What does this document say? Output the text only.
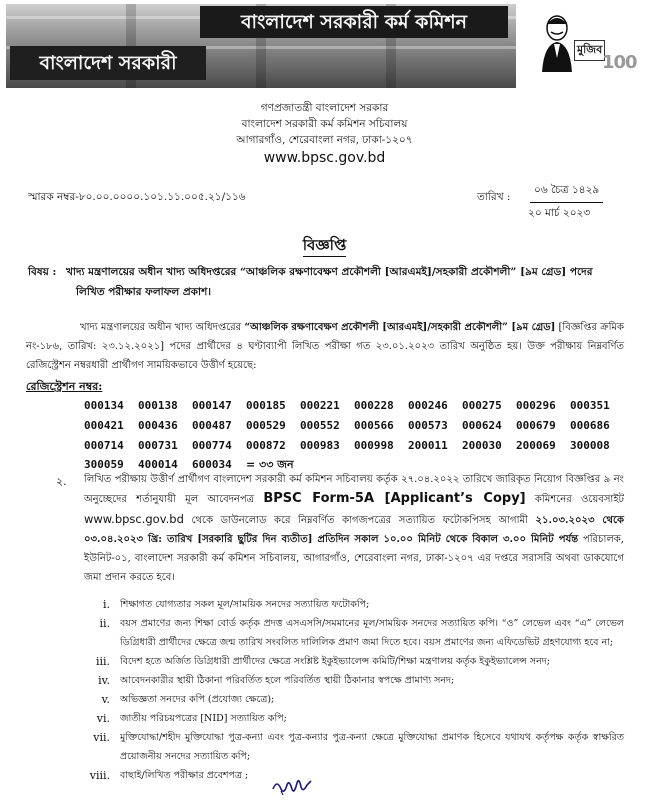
বাংলাদেশ সরকারী কর্ম কমিশন
বাংলাদেশ সরকারী
মুজিব
100
গণপ্রজাতন্ত্রী বাংলাদেশ সরকার
বাংলাদেশ সরকারী কর্ম কমিশন সচিবালয়
আগারগাঁও, শেরেবাংলা নগর, ঢাকা-১২০৭
www.bpsc.gov.bd
স্মারক নম্বর-৮০.০০.০০০০.১০১.১১.০০৫.২১/১১৬	তারিখ :
০৬ চৈত্র ১৪২৯
২০ মার্চ ২০২৩
বিজ্ঞপ্তি
বিষয় : খাদ্য মন্ত্রণালয়ের অধীন খাদ্য অধিদপ্তরের “আঞ্চলিক রক্ষণাবেক্ষণ প্রকৌশলী [আরএমই]/সহকারী প্রকৌশলী” [৯ম গ্রেড] পদের
লিখিত পরীক্ষার ফলাফল প্রকাশ।
খাদ্য মন্ত্রণালয়ের অধীন খাদ্য অধিদপ্তরের “আঞ্চলিক রক্ষণাবেক্ষণ প্রকৌশলী [আরএমই]/সহকারী প্রকৌশলী” [৯ম গ্রেড] [বিজ্ঞপ্তির ক্রমিক নং-১৮৬, তারিখ: ২৩.১২.২০২১] পদের প্রার্থীদের ৪ ঘণ্টাব্যাপী লিখিত পরীক্ষা গত ২৩.০১.২০২৩ তারিখ অনুষ্ঠিত হয়। উক্ত পরীক্ষায় নিম্নবর্ণিত রেজিস্ট্রেশন নম্বরধারী প্রার্থীগণ সাময়িকভাবে উত্তীর্ণ হয়েছে:
রেজিস্ট্রেশন নম্বর:
000134	000138	000147	000185	000221	000228	000246	000275	000296	000351
000421	000436	000487	000529	000552	000566	000573	000624	000679	000686
000714	000731	000774	000872	000983	000998	200011	200030	200069	300008
300059	400014	600034	= ৩৩ জন
২. লিখিত পরীক্ষায় উত্তীর্ণ প্রার্থীগণ বাংলাদেশ সরকারী কর্ম কমিশন সচিবালয় কর্তৃক ২৭.০৪.২০২২ তারিখে জারিকৃত নিয়োগ বিজ্ঞপ্তির ৯ নং অনুচ্ছেদের শর্তানুযায়ী মূল আবেদনপত্র BPSC Form-5A [Applicant’s Copy] কমিশনের ওয়েবসাইট www.bpsc.gov.bd থেকে ডাউনলোড করে নিম্নবর্ণিত কাগজপত্রের সত্যায়িত ফটোকপিসহ আগামী ২১.০৩.২০২৩ থেকে ০৩.০৪.২০২৩ খ্রি: তারিখ [সরকারি ছুটির দিন ব্যতীত] প্রতিদিন সকাল ১০.০০ মিনিট থেকে বিকাল ৩.০০ মিনিট পর্যন্ত পরিচালক, ইউনিট-০১, বাংলাদেশ সরকারী কর্ম কমিশন সচিবালয়, আগারগাঁও, শেরেবাংলা নগর, ঢাকা-১২০৭ এর দপ্তরে সরাসরি অথবা ডাকযোগে জমা প্রদান করতে হবে।
i.	শিক্ষাগত যোগ্যতার সকল মূল/সাময়িক সনদের সত্যায়িত ফটোকপি;
ii.	বয়স প্রমাণের জন্য শিক্ষা বোর্ড কর্তৃক প্রদত্ত এসএসসি/সমমানের মূল/সাময়িক সনদের সত্যায়িত কপি। “ও” লেভেল এবং “এ” লেভেল ডিগ্রিধারী প্রার্থীদের ক্ষেত্রে জন্ম তারিখ সংবলিত দালিলিক প্রমাণ জমা দিতে হবে। বয়স প্রমাণের জন্য এফিডেভিট গ্রহণযোগ্য হবে না;
iii.	বিদেশ হতে অর্জিত ডিগ্রিধারী প্রার্থীদের ক্ষেত্রে সংশ্লিষ্ট ইকুইভ্যালেন্স কমিটি/শিক্ষা মন্ত্রণালয় কর্তৃক ইকুইভ্যালেন্স সনদ;
iv.	আবেদনকারীর স্থায়ী ঠিকানা পরিবর্তিত হলে পরিবর্তিত স্থায়ী ঠিকানার স্বপক্ষে প্রামাণ্য সনদ;
v.	অভিজ্ঞতা সনদের কপি (প্রযোজ্য ক্ষেত্রে);
vi.	জাতীয় পরিচয়পত্রের [NID] সত্যায়িত কপি;
vii.	মুক্তিযোদ্ধা/শহীদ মুক্তিযোদ্ধা পুত্র-কন্যা এবং পুত্র-কন্যার পুত্র-কন্যা ক্ষেত্রে মুক্তিযোদ্ধা প্রমাণক হিসেবে যথাযথ কর্তৃপক্ষ কর্তৃক স্বাক্ষরিত প্রয়োজনীয় সনদের সত্যায়িত কপি;
viii.	বাছাই/লিখিত পরীক্ষার প্রবেশপত্র ;
